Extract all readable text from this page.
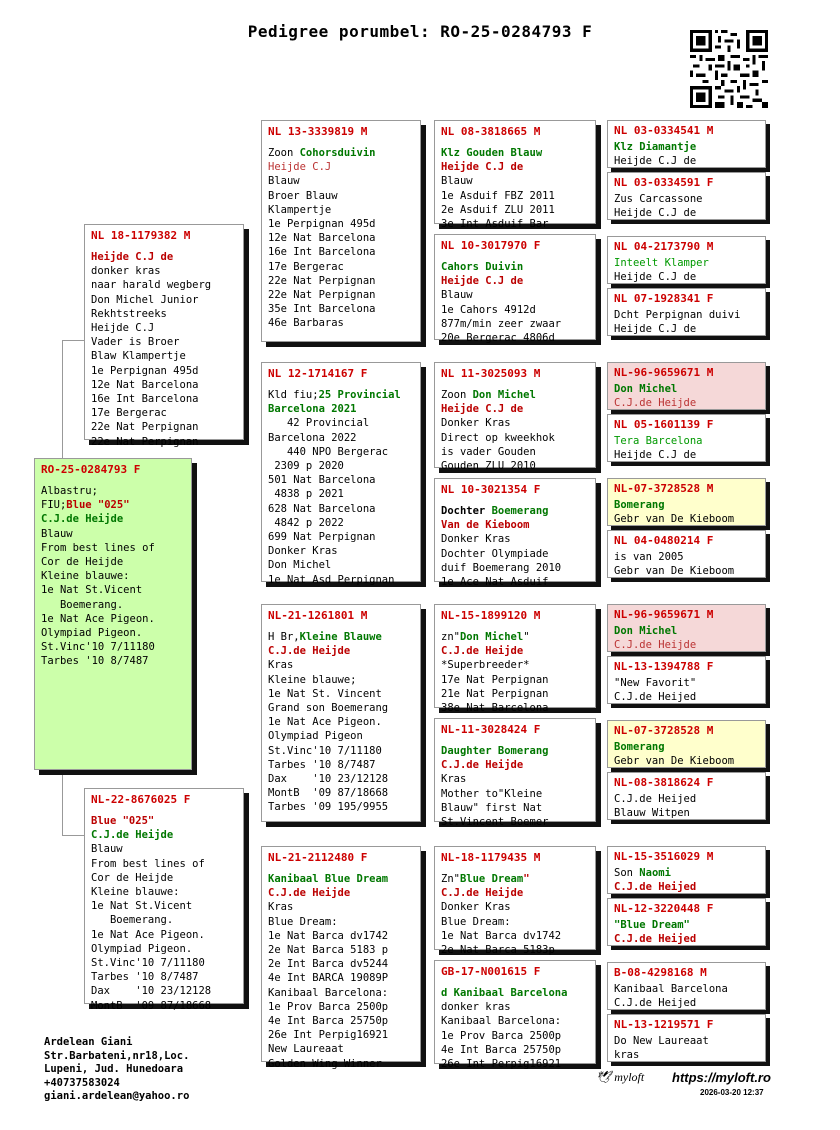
Pedigree porumbel: RO-25-0284793 F
RO-25-0284793 F
Albastru;
FIU;Blue "025"
C.J.de Heijde
Blauw
From best lines of
Cor de Heijde
Kleine blauwe:
1e Nat St.Vicent
Boemerang.
1e Nat Ace Pigeon.
Olympiad Pigeon.
St.Vinc'10 7/11180
Tarbes '10 8/7487
NL 18-1179382 M
Heijde C.J de
donker kras
naar harald wegberg
Don Michel Junior
Rekhtstreeks
Heijde C.J
Vader is Broer
Blaw Klampertje
1e Perpignan 495d
12e Nat Barcelona
16e Int Barcelona
17e Bergerac
22e Nat Perpignan
22e Nat Perpignan
NL-22-8676025 F
Blue "025"
C.J.de Heijde
Blauw
From best lines of
Cor de Heijde
Kleine blauwe:
1e Nat St.Vicent
Boemerang.
1e Nat Ace Pigeon.
Olympiad Pigeon.
St.Vinc'10 7/11180
Tarbes '10 8/7487
Dax    '10 23/12128
MontB  '09 87/18668
NL 13-3339819 M
Zoon Cohorsduivin
Heijde C.J
Blauw
Broer Blauw
Klampertje
1e Perpignan 495d
12e Nat Barcelona
16e Int Barcelona
17e Bergerac
22e Nat Perpignan
22e Nat Perpignan
35e Int Barcelona
46e Barbaras
NL 12-1714167 F
Kld fiu;25 Provincial
Barcelona 2021
42 Provincial
Barcelona 2022
440 NPO Bergerac
2309 p 2020
501 Nat Barcelona
4838 p 2021
628 Nat Barcelona
4842 p 2022
699 Nat Perpignan
Donker Kras
Don Michel
1e Nat Asd Perpignan
NL-21-1261801 M
H Br,Kleine Blauwe
C.J.de Heijde
Kras
Kleine blauwe;
1e Nat St. Vincent
Grand son Boemerang
1e Nat Ace Pigeon.
Olympiad Pigeon
St.Vinc'10 7/11180
Tarbes '10 8/7487
Dax    '10 23/12128
MontB  '09 87/18668
Tarbes '09 195/9955
NL-21-2112480 F
Kanibaal Blue Dream
C.J.de Heijde
Kras
Blue Dream:
1e Nat Barca dv1742
2e Nat Barca 5183 p
2e Int Barca dv5244
4e Int BARCA 19089P
Kanibaal Barcelona:
1e Prov Barca 2500p
4e Int Barca 25750p
26e Int Perpig16921
New Laureaat
Golden Wing Winner
NL 08-3818665 M
Klz Gouden Blauw
Heijde C.J de
Blauw
1e Asduif FBZ 2011
2e Asduif ZLU 2011
3e Int Asduif Bar
NL 10-3017970 F
Cahors Duivin
Heijde C.J de
Blauw
1e Cahors 4912d
877m/min zeer zwaar
20e Bergerac 4806d
NL 11-3025093 M
Zoon Don Michel
Heijde C.J de
Donker Kras
Direct op kweekhok
is vader Gouden
Gouden ZLU 2010
NL 10-3021354 F
Dochter Boemerang
Van de Kieboom
Donker Kras
Dochter Olympiade
duif Boemerang 2010
1e Ace Nat Asduif
NL-15-1899120 M
zn"Don Michel"
C.J.de Heijde
*Superbreeder*
17e Nat Perpignan
21e Nat Perpignan
38e Nat Barcelona
NL-11-3028424 F
Daughter Bomerang
C.J.de Heijde
Kras
Mother to"Kleine
Blauw" first Nat
St.Vincent Boemer
NL-18-1179435 M
Zn"Blue Dream"
C.J.de Heijde
Donker Kras
Blue Dream:
1e Nat Barca dv1742
2e Nat Barca 5183p
GB-17-N001615 F
d Kanibaal Barcelona
donker kras
Kanibaal Barcelona:
1e Prov Barca 2500p
4e Int Barca 25750p
26e Int Perpig16921
NL 03-0334541 M
Klz Diamantje
Heijde C.J de
NL 03-0334591 F
Zus Carcassone
Heijde C.J de
NL 04-2173790 M
Inteelt Klamper
Heijde C.J de
NL 07-1928341 F
Dcht Perpignan duivi
Heijde C.J de
NL-96-9659671 M
Don Michel
C.J.de Heijde
NL 05-1601139 F
Tera Barcelona
Heijde C.J de
NL-07-3728528 M
Bomerang
Gebr van De Kieboom
NL 04-0480214 F
is van 2005
Gebr van De Kieboom
NL-96-9659671 M
Don Michel
C.J.de Heijde
NL-13-1394788 F
"New Favorit"
C.J.de Heijed
NL-07-3728528 M
Bomerang
Gebr van De Kieboom
NL-08-3818624 F
C.J.de Heijed
Blauw Witpen
NL-15-3516029 M
Son Naomi
C.J.de Heijed
NL-12-3220448 F
"Blue Dream"
C.J.de Heijed
B-08-4298168 M
Kanibaal Barcelona
C.J.de Heijed
NL-13-1219571 F
Do New Laureaat
kras
Ardelean Giani
Str.Barbateni,nr18,Loc.
Lupeni, Jud. Hunedoara
+40737583024
giani.ardelean@yahoo.ro
🕊 myloft https://myloft.ro
2026-03-20 12:37
